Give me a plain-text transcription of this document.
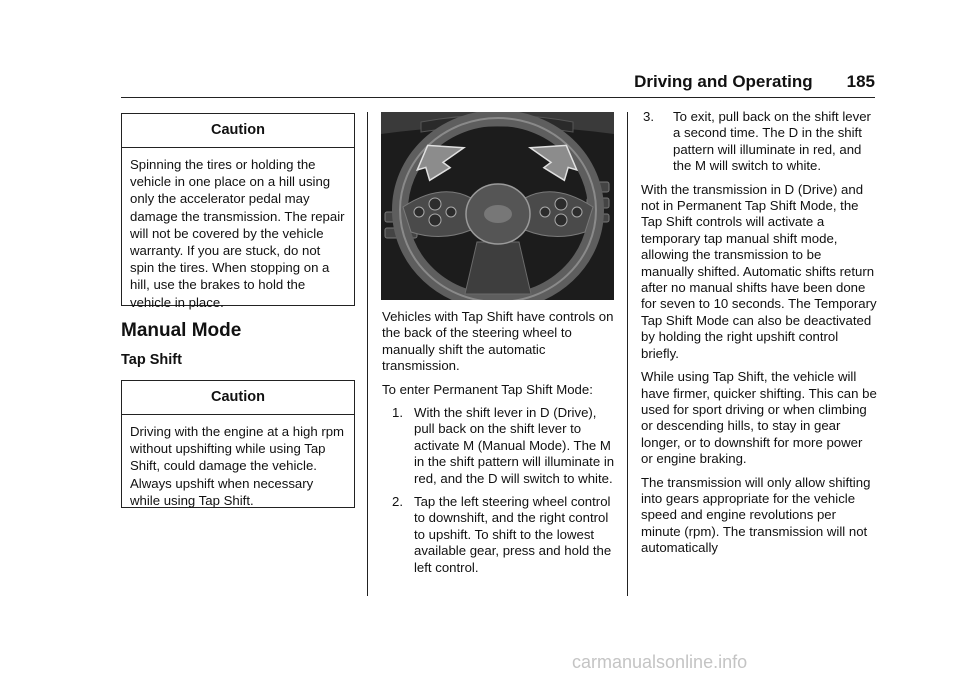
Driving and Operating 185
Caution
Spinning the tires or holding the vehicle in one place on a hill using only the accelerator pedal may damage the transmission. The repair will not be covered by the vehicle warranty. If you are stuck, do not spin the tires. When stopping on a hill, use the brakes to hold the vehicle in place.
Manual Mode
Tap Shift
Caution
Driving with the engine at a high rpm without upshifting while using Tap Shift, could damage the vehicle. Always upshift when necessary while using Tap Shift.

Vehicles with Tap Shift have controls on the back of the steering wheel to manually shift the automatic transmission.

To enter Permanent Tap Shift Mode:

1. With the shift lever in D (Drive), pull back on the shift lever to activate M (Manual Mode). The M in the shift pattern will illuminate in red, and the D will switch to white.
2. Tap the left steering wheel control to downshift, and the right control to upshift. To shift to the lowest available gear, press and hold the left control.
3. To exit, pull back on the shift lever a second time. The D in the shift pattern will illuminate in red, and the M will switch to white.

With the transmission in D (Drive) and not in Permanent Tap Shift Mode, the Tap Shift controls will activate a temporary tap manual shift mode, allowing the transmission to be manually shifted. Automatic shifts return after no manual shifts have been done for seven to 10 seconds. The Temporary Tap Shift Mode can also be deactivated by holding the right upshift control briefly.

While using Tap Shift, the vehicle will have firmer, quicker shifting. This can be used for sport driving or when climbing or descending hills, to stay in gear longer, or to downshift for more power or engine braking.

The transmission will only allow shifting into gears appropriate for the vehicle speed and engine revolutions per minute (rpm). The transmission will not automatically

carmanualsonline.info
